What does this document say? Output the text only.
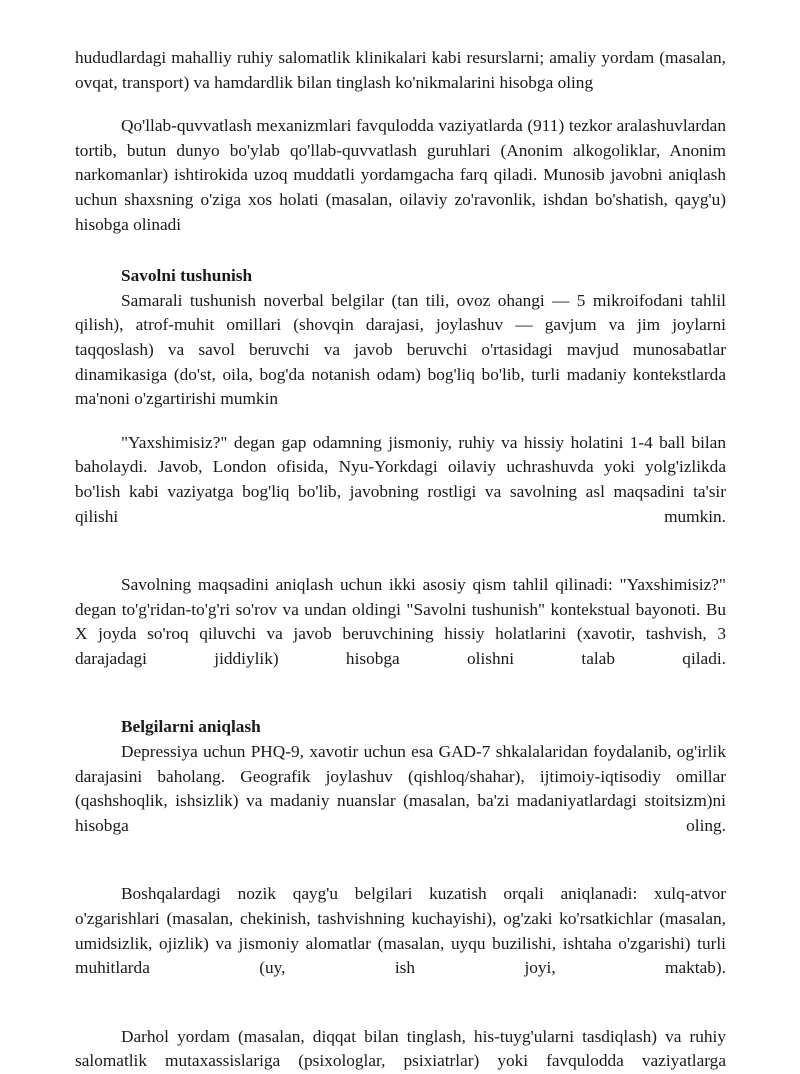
hududlardagi mahalliy ruhiy salomatlik klinikalari kabi resurslarni; amaliy yordam (masalan, ovqat, transport) va hamdardlik bilan tinglash ko'nikmalarini hisobga oling

Qo'llab-quvvatlash mexanizmlari favqulodda vaziyatlarda (911) tezkor aralashuvlardan tortib, butun dunyo bo'ylab qo'llab-quvvatlash guruhlari (Anonim alkogoliklar, Anonim narkomanlar) ishtirokida uzoq muddatli yordamgacha farq qiladi. Munosib javobni aniqlash uchun shaxsning o'ziga xos holati (masalan, oilaviy zo'ravonlik, ishdan bo'shatish, qayg'u) hisobga olinadi

Savolni tushunish

Samarali tushunish noverbal belgilar (tan tili, ovoz ohangi — 5 mikroifodani tahlil qilish), atrof-muhit omillari (shovqin darajasi, joylashuv — gavjum va jim joylarni taqqoslash) va savol beruvchi va javob beruvchi o'rtasidagi mavjud munosabatlar dinamikasiga (do'st, oila, bog'da notanish odam) bog'liq bo'lib, turli madaniy kontekstlarda ma'noni o'zgartirishi mumkin

"Yaxshimisiz?" degan gap odamning jismoniy, ruhiy va hissiy holatini 1-4 ball bilan baholaydi. Javob, London ofisida, Nyu-Yorkdagi oilaviy uchrashuvda yoki yolg'izlikda bo'lish kabi vaziyatga bog'liq bo'lib, javobning rostligi va savolning asl maqsadini ta'sir qilishi mumkin.

Savolning maqsadini aniqlash uchun ikki asosiy qism tahlil qilinadi: "Yaxshimisiz?" degan to'g'ridan-to'g'ri so'rov va undan oldingi "Savolni tushunish" kontekstual bayonoti. Bu X joyda so'roq qiluvchi va javob beruvchining hissiy holatlarini (xavotir, tashvish, 3 darajadagi jiddiylik) hisobga olishni talab qiladi.

Belgilarni aniqlash

Depressiya uchun PHQ-9, xavotir uchun esa GAD-7 shkalalaridan foydalanib, og'irlik darajasini baholang. Geografik joylashuv (qishloq/shahar), ijtimoiy-iqtisodiy omillar (qashshoqlik, ishsizlik) va madaniy nuanslar (masalan, ba'zi madaniyatlardagi stoitsizm)ni hisobga oling.

Boshqalardagi nozik qayg'u belgilari kuzatish orqali aniqlanadi: xulq-atvor o'zgarishlari (masalan, chekinish, tashvishning kuchayishi), og'zaki ko'rsatkichlar (masalan, umidsizlik, ojizlik) va jismoniy alomatlar (masalan, uyqu buzilishi, ishtaha o'zgarishi) turli muhitlarda (uy, ish joyi, maktab).

Darhol yordam (masalan, diqqat bilan tinglash, his-tuyg'ularni tasdiqlash) va ruhiy salomatlik mutaxassislariga (psixologlar, psixiatrlar) yoki favqulodda vaziyatlarga
